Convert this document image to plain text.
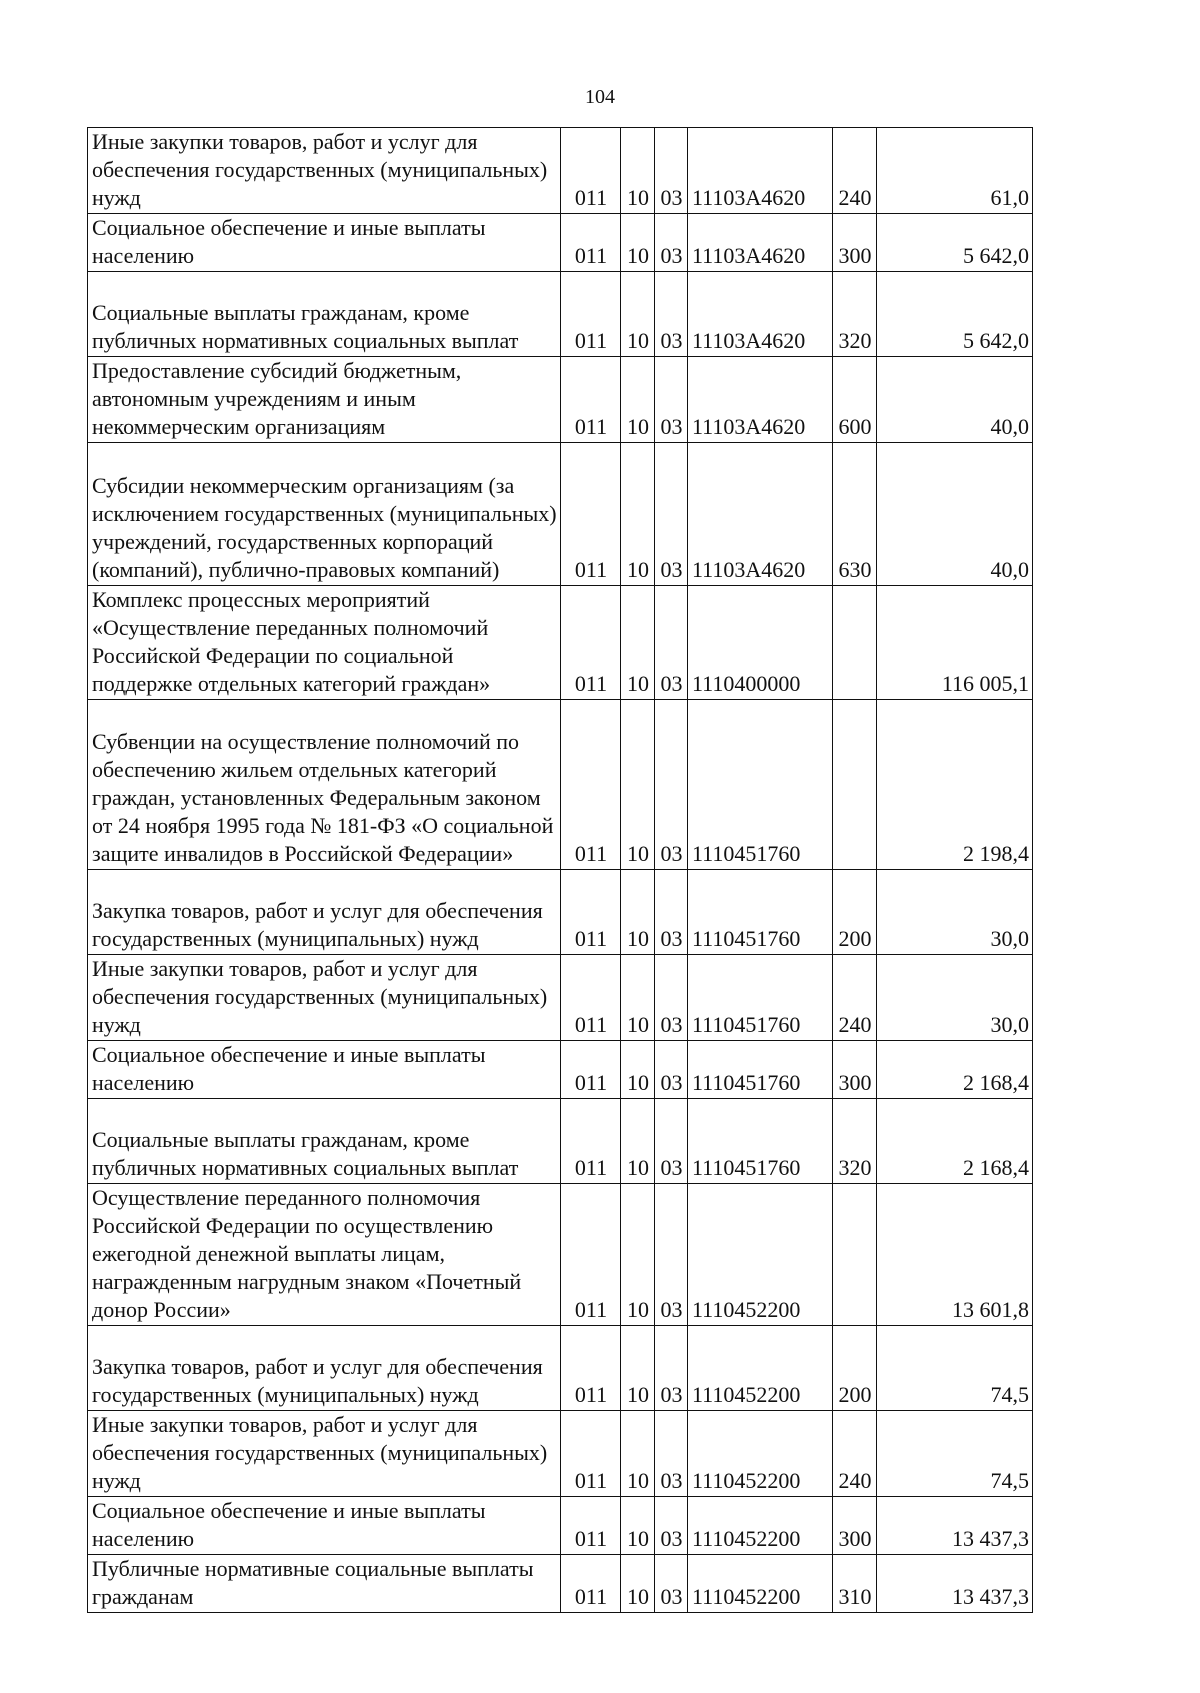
104
Иные закупки товаров, работ и услуг для обеспечения государственных (муниципальных) нужд	011	10	03	11103А4620	240	61,0
Социальное обеспечение и иные выплаты населению	011	10	03	11103А4620	300	5 642,0
Социальные выплаты гражданам, кроме публичных нормативных социальных выплат	011	10	03	11103А4620	320	5 642,0
Предоставление субсидий бюджетным, автономным учреждениям и иным некоммерческим организациям	011	10	03	11103А4620	600	40,0
Субсидии некоммерческим организациям (за исключением государственных (муниципальных) учреждений, государственных корпораций (компаний), публично-правовых компаний)	011	10	03	11103А4620	630	40,0
Комплекс процессных мероприятий «Осуществление переданных полномочий Российской Федерации по социальной поддержке отдельных категорий граждан»	011	10	03	1110400000		116 005,1
Субвенции на осуществление полномочий по обеспечению жильем отдельных категорий граждан, установленных Федеральным законом от 24 ноября 1995 года № 181-ФЗ «О социальной защите инвалидов в Российской Федерации»	011	10	03	1110451760		2 198,4
Закупка товаров, работ и услуг для обеспечения государственных (муниципальных) нужд	011	10	03	1110451760	200	30,0
Иные закупки товаров, работ и услуг для обеспечения государственных (муниципальных) нужд	011	10	03	1110451760	240	30,0
Социальное обеспечение и иные выплаты населению	011	10	03	1110451760	300	2 168,4
Социальные выплаты гражданам, кроме публичных нормативных социальных выплат	011	10	03	1110451760	320	2 168,4
Осуществление переданного полномочия Российской Федерации по осуществлению ежегодной денежной выплаты лицам, награжденным нагрудным знаком «Почетный донор России»	011	10	03	1110452200		13 601,8
Закупка товаров, работ и услуг для обеспечения государственных (муниципальных) нужд	011	10	03	1110452200	200	74,5
Иные закупки товаров, работ и услуг для обеспечения государственных (муниципальных) нужд	011	10	03	1110452200	240	74,5
Социальное обеспечение и иные выплаты населению	011	10	03	1110452200	300	13 437,3
Публичные нормативные социальные выплаты гражданам	011	10	03	1110452200	310	13 437,3
